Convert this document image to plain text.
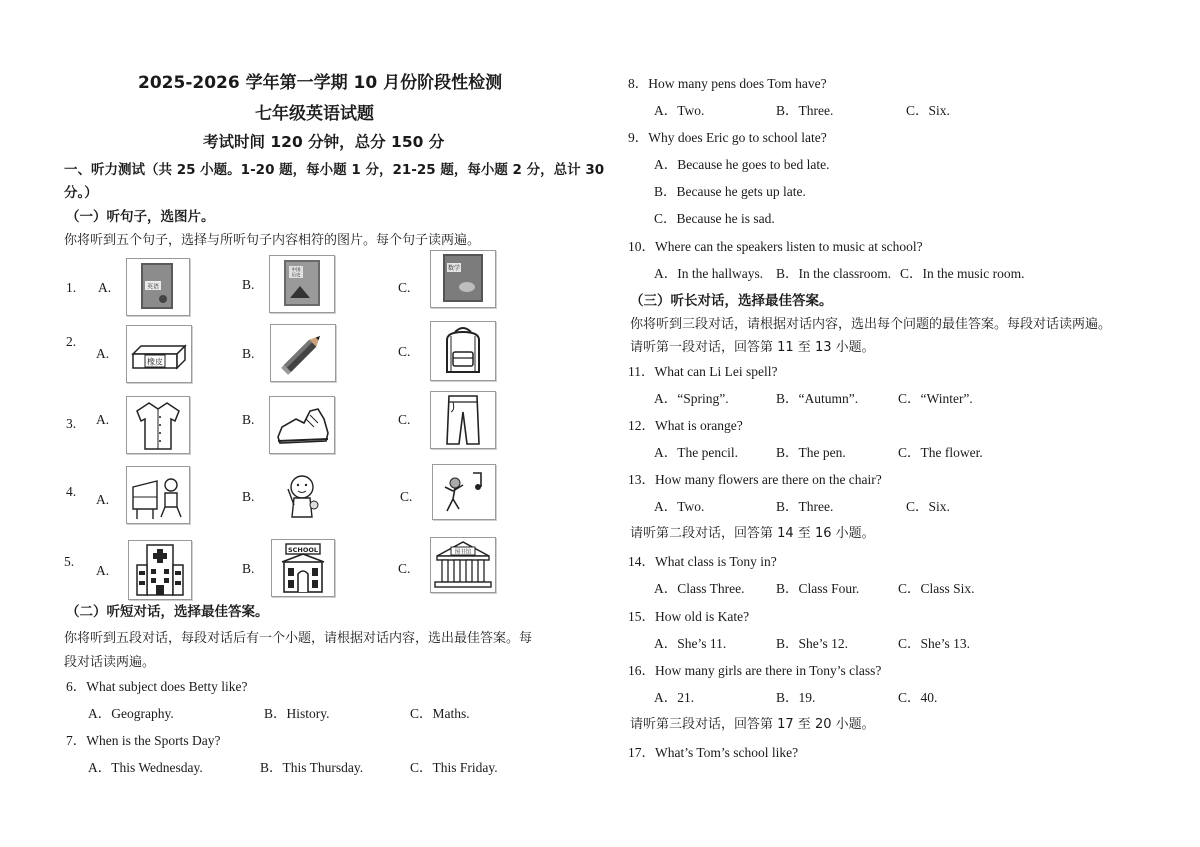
2025-2026 学年第一学期 10 月份阶段性检测
七年级英语试题
考试时间 120 分钟，总分 150 分
一、听力测试（共 25 小题。1-20 题，每小题 1 分，21-25 题，每小题 2 分，总计 30
分。）
（一）听句子，选图片。
你将听到五个句子，选择与所听句子内容相符的图片。每个句子读两遍。
1. A.	英语	B.
中国
历史
C.
数学
2.
A.
橡皮
B.	C.
3. A.	B.	C.
4.
A.	B.	C.
5.
A.	B.
SCHOOL
C.
图书馆
（二）听短对话，选择最佳答案。
你将听到五段对话，每段对话后有一个小题，请根据对话内容，选出最佳答案。每
段对话读两遍。
6．What subject does Betty like?
A．Geography.	B．History.	C．Maths.
7．When is the Sports Day?
A．This Wednesday.	B．This Thursday.	C．This Friday.
8．How many pens does Tom have?
A．Two.	B．Three.	C．Six.
9．Why does Eric go to school late?
A．Because he goes to bed late.
B．Because he gets up late.
C．Because he is sad.
10．Where can the speakers listen to music at school?
A．In the hallways. B．In the classroom. C．In the music room.
（三）听长对话，选择最佳答案。
你将听到三段对话，请根据对话内容，选出每个问题的最佳答案。每段对话读两遍。
请听第一段对话，回答第 11 至 13 小题。
11．What can Li Lei spell?
A．“Spring”.	B．“Autumn”.	C．“Winter”.
12．What is orange?
A．The pencil.	B．The pen.	C．The flower.
13．How many flowers are there on the chair?
A．Two.	B．Three.	C．Six.
请听第二段对话，回答第 14 至 16 小题。
14．What class is Tony in?
A．Class Three. B．Class Four.	C．Class Six.
15．How old is Kate?
A．She’s 11.	B．She’s 12.	C．She’s 13.
16．How many girls are there in Tony’s class?
A．21.	B．19.	C．40.
请听第三段对话，回答第 17 至 20 小题。
17．What’s Tom’s school like?
